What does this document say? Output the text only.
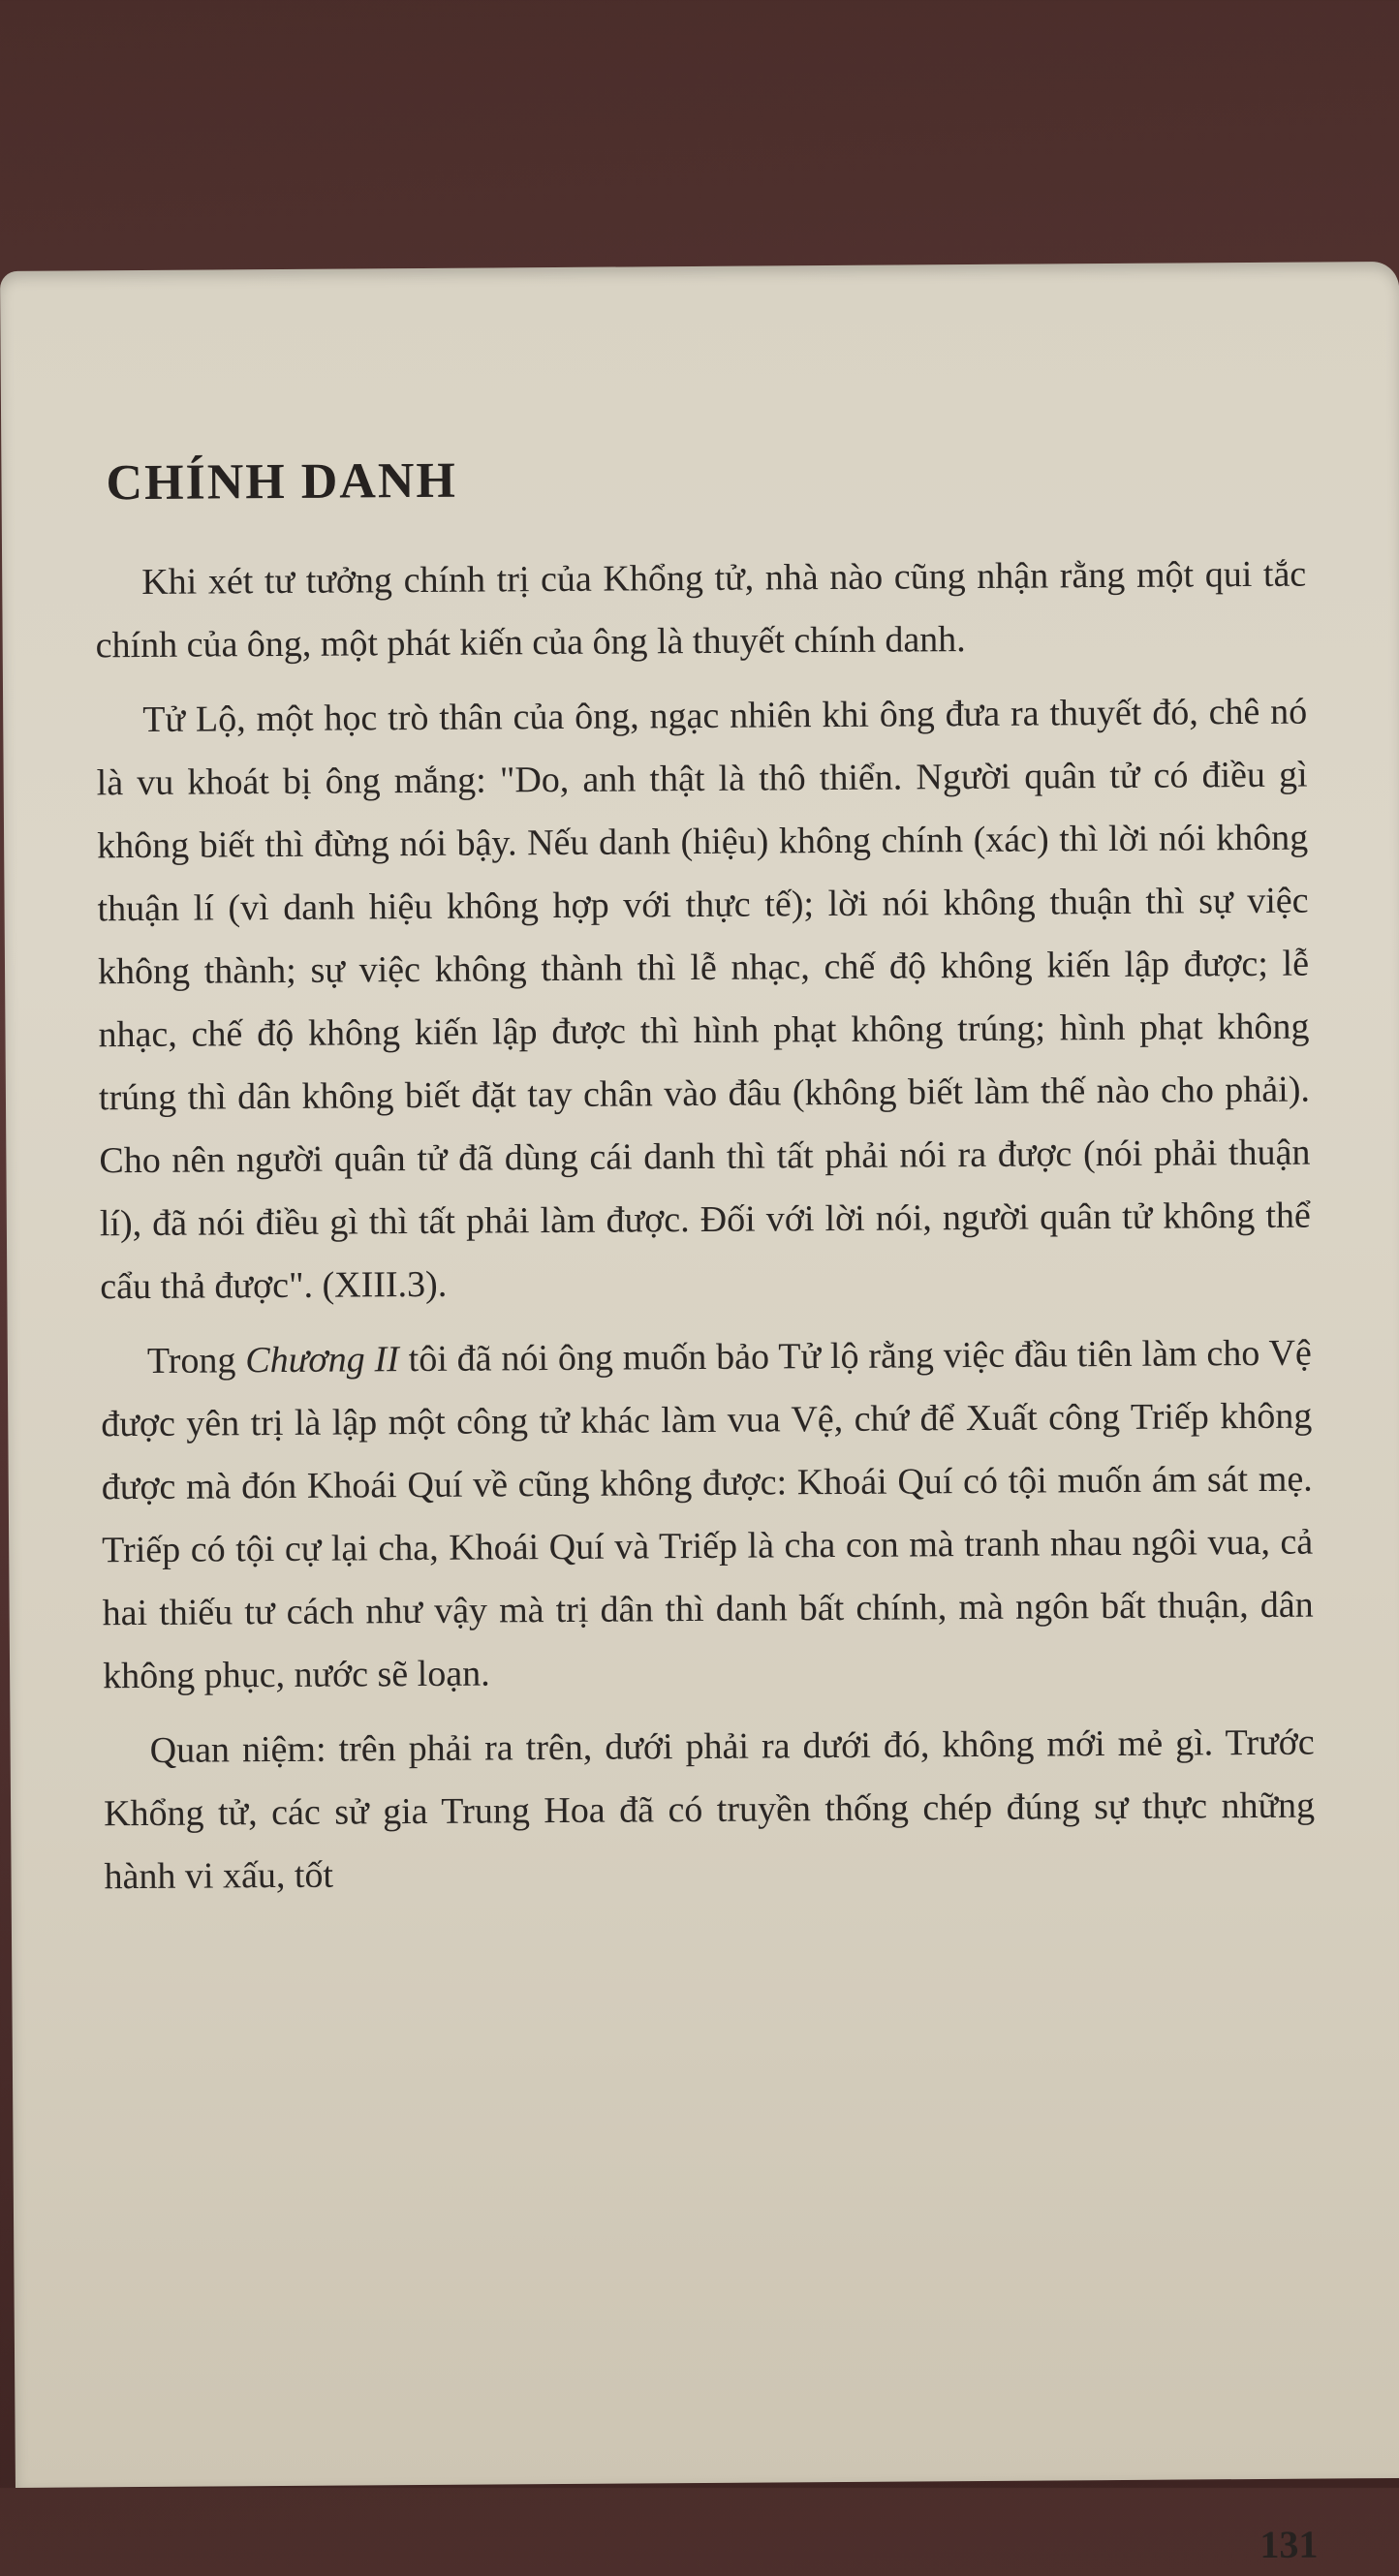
CHÍNH DANH

Khi xét tư tưởng chính trị của Khổng tử, nhà nào cũng nhận rằng một qui tắc chính của ông, một phát kiến của ông là thuyết chính danh.

Tử Lộ, một học trò thân của ông, ngạc nhiên khi ông đưa ra thuyết đó, chê nó là vu khoát bị ông mắng: "Do, anh thật là thô thiển. Người quân tử có điều gì không biết thì đừng nói bậy. Nếu danh (hiệu) không chính (xác) thì lời nói không thuận lí (vì danh hiệu không hợp với thực tế); lời nói không thuận thì sự việc không thành; sự việc không thành thì lễ nhạc, chế độ không kiến lập được; lễ nhạc, chế độ không kiến lập được thì hình phạt không trúng; hình phạt không trúng thì dân không biết đặt tay chân vào đâu (không biết làm thế nào cho phải). Cho nên người quân tử đã dùng cái danh thì tất phải nói ra được (nói phải thuận lí), đã nói điều gì thì tất phải làm được. Đối với lời nói, người quân tử không thể cẩu thả được". (XIII.3).

Trong Chương II tôi đã nói ông muốn bảo Tử lộ rằng việc đầu tiên làm cho Vệ được yên trị là lập một công tử khác làm vua Vệ, chứ để Xuất công Triếp không được mà đón Khoái Quí về cũng không được: Khoái Quí có tội muốn ám sát mẹ. Triếp có tội cự lại cha, Khoái Quí và Triếp là cha con mà tranh nhau ngôi vua, cả hai thiếu tư cách như vậy mà trị dân thì danh bất chính, mà ngôn bất thuận, dân không phục, nước sẽ loạn.

Quan niệm: trên phải ra trên, dưới phải ra dưới đó, không mới mẻ gì. Trước Khổng tử, các sử gia Trung Hoa đã có truyền thống chép đúng sự thực những hành vi xấu, tốt

131
